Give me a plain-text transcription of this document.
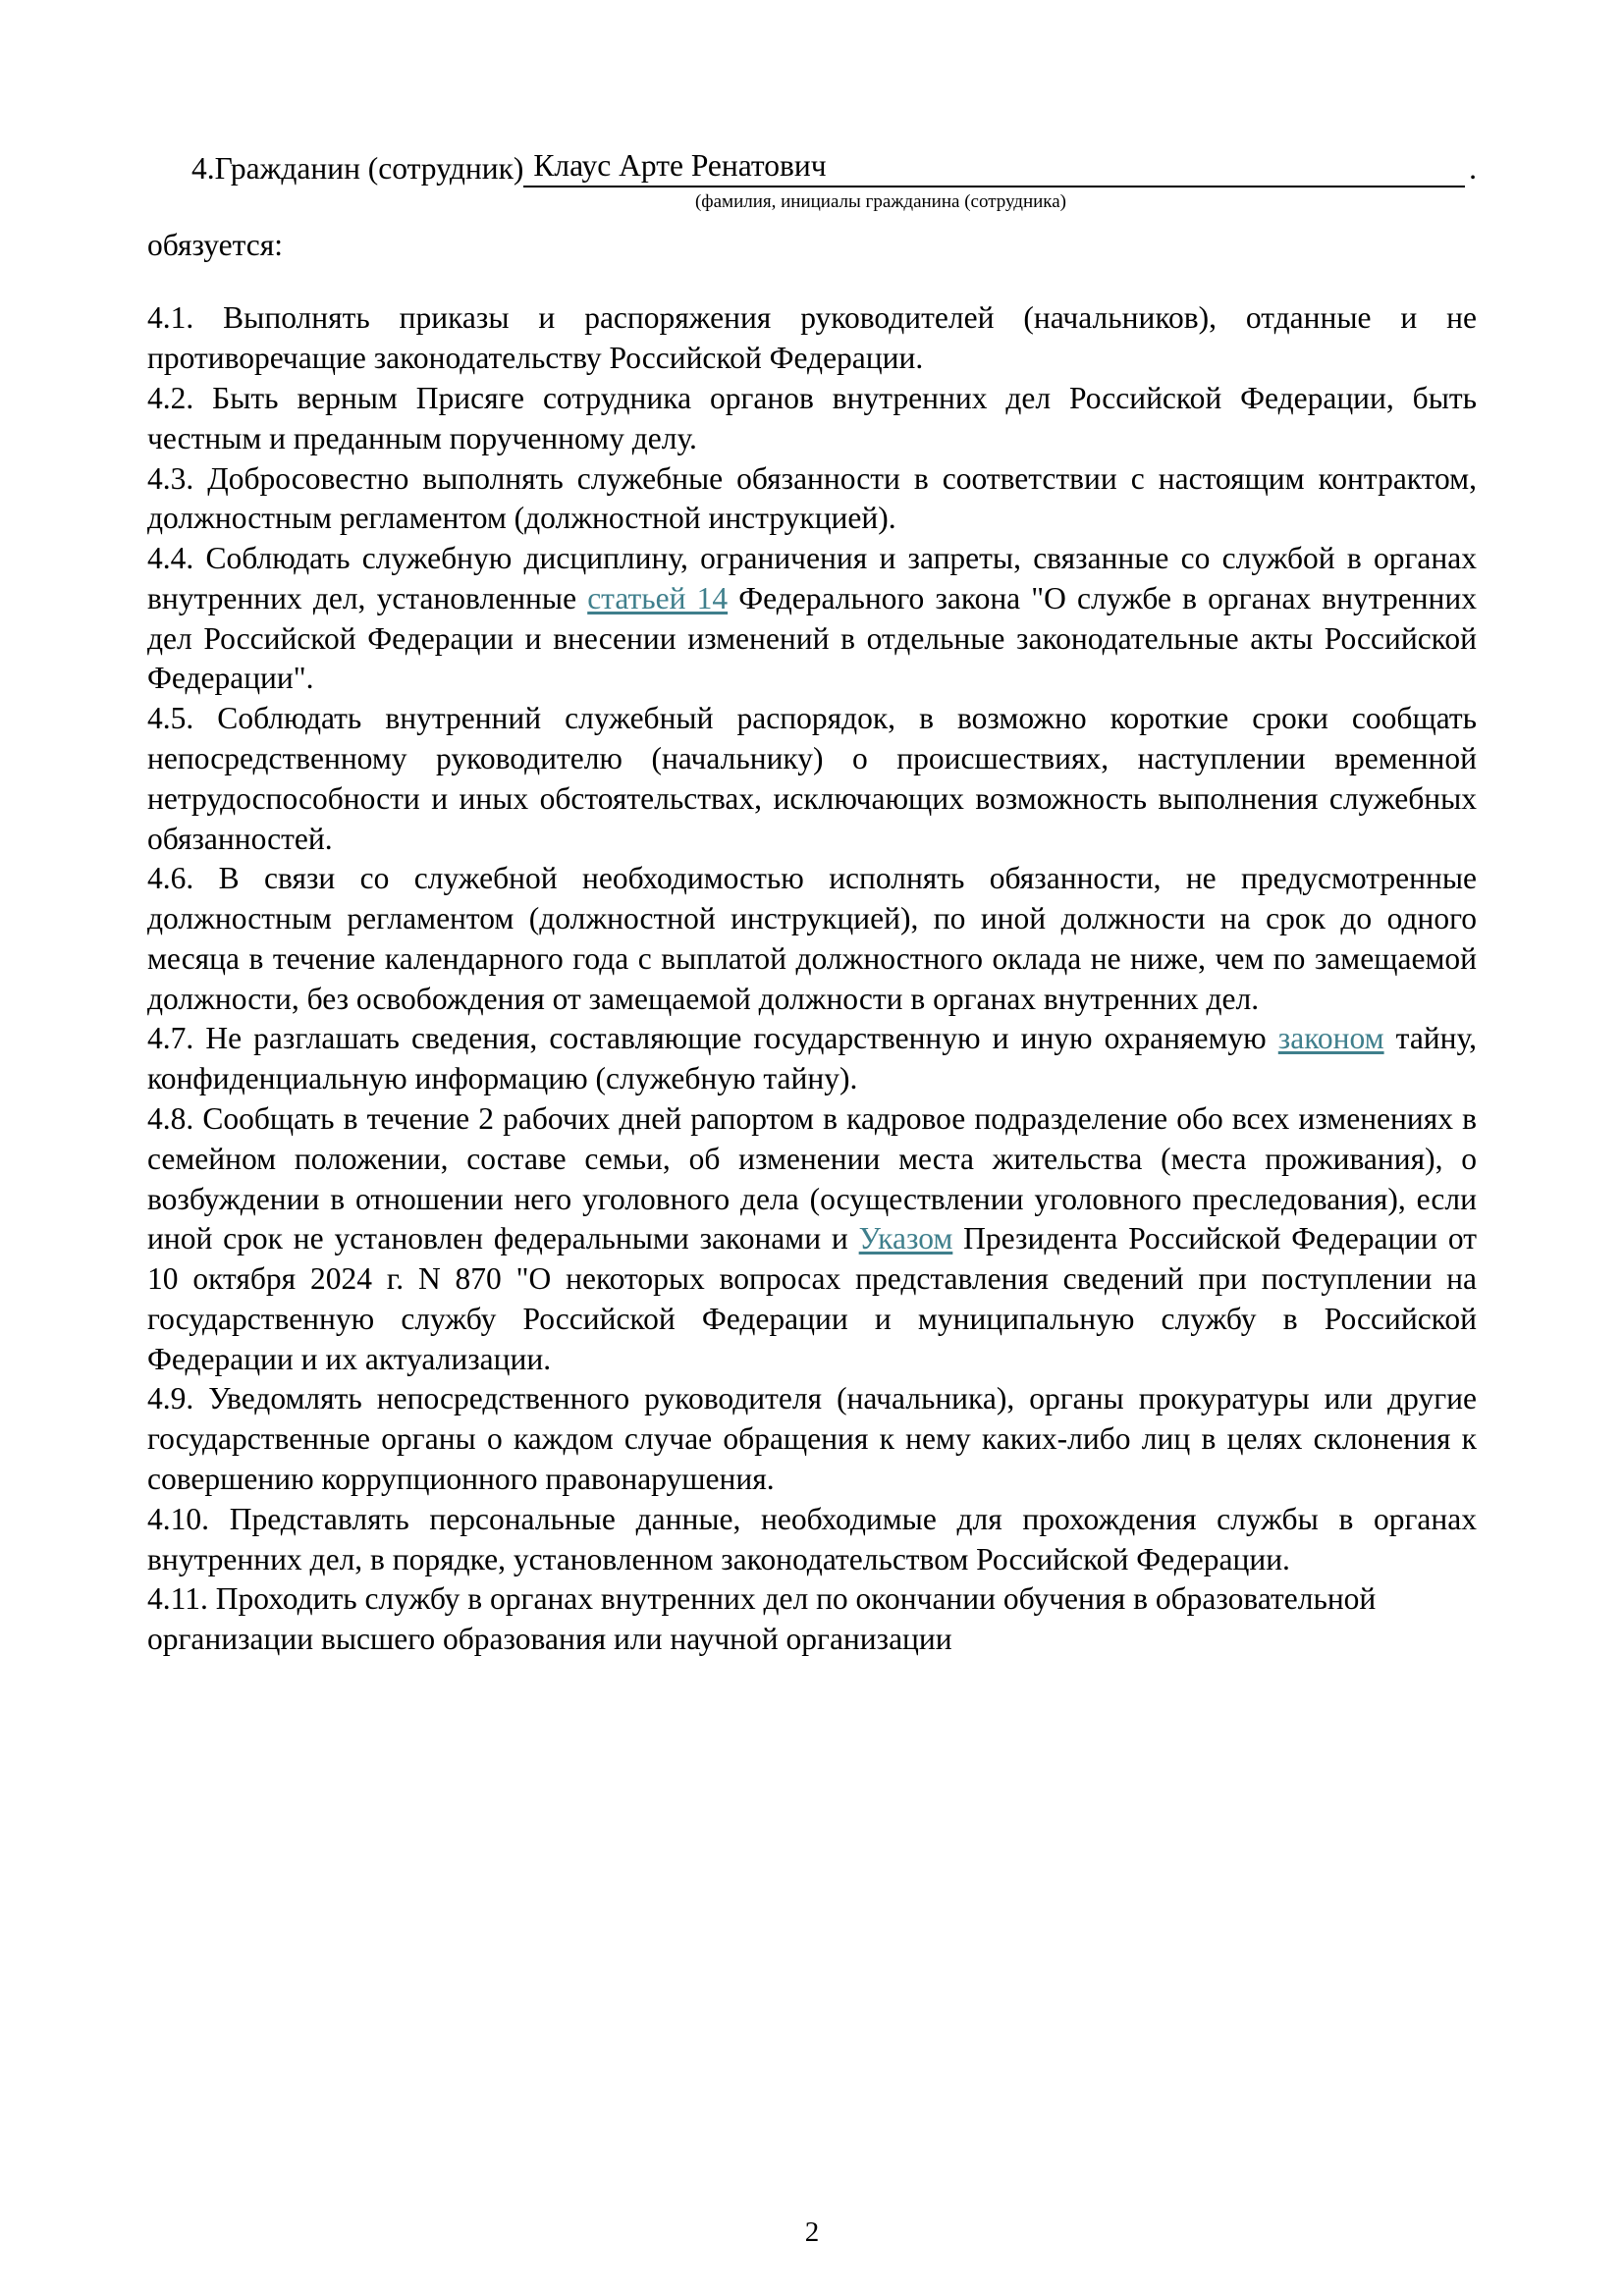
4.Гражданин (сотрудник) Клаус Арте Ренатович	.
(фамилия, инициалы гражданина (сотрудника)
обязуется:

4.1. Выполнять приказы и распоряжения руководителей (начальников), отданные и не противоречащие законодательству Российской Федерации.

4.2. Быть верным Присяге сотрудника органов внутренних дел Российской Федерации, быть честным и преданным порученному делу.

4.3. Добросовестно выполнять служебные обязанности в соответствии с настоящим контрактом, должностным регламентом (должностной инструкцией).

4.4. Соблюдать служебную дисциплину, ограничения и запреты, связанные со службой в органах внутренних дел, установленные статьей 14 Федерального закона "О службе в органах внутренних дел Российской Федерации и внесении изменений в отдельные законодательные акты Российской Федерации".

4.5. Соблюдать внутренний служебный распорядок, в возможно короткие сроки сообщать непосредственному руководителю (начальнику) о происшествиях, наступлении временной нетрудоспособности и иных обстоятельствах, исключающих возможность выполнения служебных обязанностей.

4.6. В связи со служебной необходимостью исполнять обязанности, не предусмотренные должностным регламентом (должностной инструкцией), по иной должности на срок до одного месяца в течение календарного года с выплатой должностного оклада не ниже, чем по замещаемой должности, без освобождения от замещаемой должности в органах внутренних дел.

4.7. Не разглашать сведения, составляющие государственную и иную охраняемую законом тайну, конфиденциальную информацию (служебную тайну).

4.8. Сообщать в течение 2 рабочих дней рапортом в кадровое подразделение обо всех изменениях в семейном положении, составе семьи, об изменении места жительства (места проживания), о возбуждении в отношении него уголовного дела (осуществлении уголовного преследования), если иной срок не установлен федеральными законами и Указом Президента Российской Федерации от 10 октября 2024 г. N 870 "О некоторых вопросах представления сведений при поступлении на государственную службу Российской Федерации и муниципальную службу в Российской Федерации и их актуализации.

4.9. Уведомлять непосредственного руководителя (начальника), органы прокуратуры или другие государственные органы о каждом случае обращения к нему каких-либо лиц в целях склонения к совершению коррупционного правонарушения.

4.10. Представлять персональные данные, необходимые для прохождения службы в органах внутренних дел, в порядке, установленном законодательством Российской Федерации.

4.11. Проходить службу в органах внутренних дел по окончании обучения в образовательной организации высшего образования или научной организации

2
